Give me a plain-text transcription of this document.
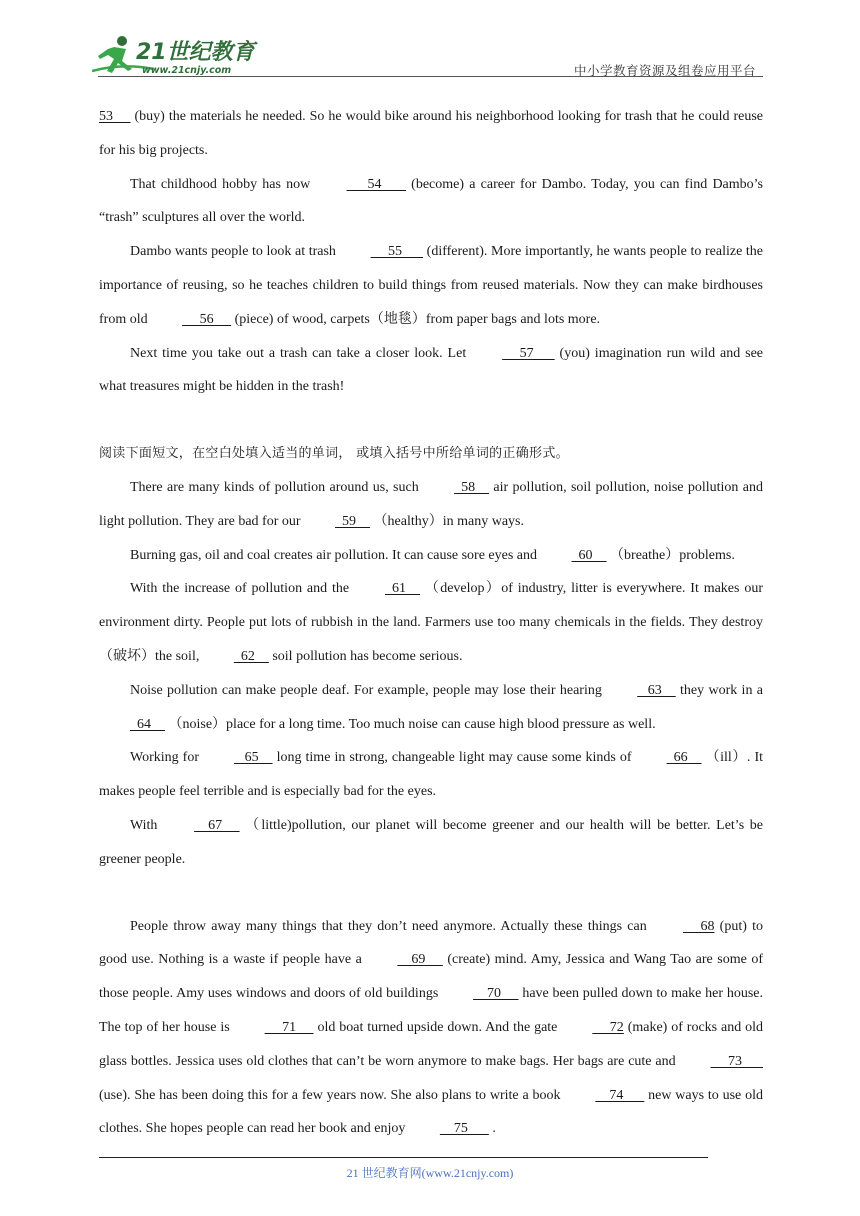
21世纪教育
www.21cnjy.com	中小学教育资源及组卷应用平台

53      (buy) the materials he needed. So he would bike around his neighborhood looking for trash that he could reuse for his big projects.

That childhood hobby has now       54        (become) a career for Dambo. Today, you can find Dambo’s “trash” sculptures all over the world.

Dambo wants people to look at trash      55       (different). More importantly, he wants people to realize the importance of reusing, so he teaches children to build things from reused materials. Now they can make birdhouses from old      56      (piece) of wood, carpets（地毯）from paper bags and lots more.

Next time you take out a trash can take a closer look. Let      57       (you) imagination run wild and see what treasures might be hidden in the trash!

阅读下面短文，在空白处填入适当的单词， 或填入括号中所给单词的正确形式。

There are many kinds of pollution around us, such   58     air pollution, soil pollution, noise pollution and light pollution. They are bad for our   59     （healthy）in many ways.

Burning gas, oil and coal creates air pollution. It can cause sore eyes and   60     （breathe）problems.

With the increase of pollution and the   61     （develop）of industry, litter is everywhere. It makes our environment dirty. People put lots of rubbish in the land. Farmers use too many chemicals in the fields. They destroy（破坏）the soil,   62     soil pollution has become serious.

Noise pollution can make people deaf. For example, people may lose their hearing    63     they work in a   64     （noise）place for a long time. Too much noise can cause high blood pressure as well.

Working for    65     long time in strong, changeable light may cause some kinds of   66     （ill）. It makes people feel terrible and is especially bad for the eyes.

With     67      （little)pollution, our planet will become greener and our health will be better. Let’s be greener people.

People throw away many things that they don’t need anymore. Actually these things can      68 (put) to good use. Nothing is a waste if people have a     69      (create) mind. Amy, Jessica and Wang Tao are some of those people. Amy uses windows and doors of old buildings     70      have been pulled down to make her house. The top of her house is      71      old boat turned upside down. And the gate      72 (make) of rocks and old glass bottles. Jessica uses old clothes that can’t be worn anymore to make bags. Her bags are cute and      73       (use). She has been doing this for a few years now. She also plans to write a book     74       new ways to use old clothes. She hopes people can read her book and enjoy     75       .

21 世纪教育网(www.21cnjy.com)
